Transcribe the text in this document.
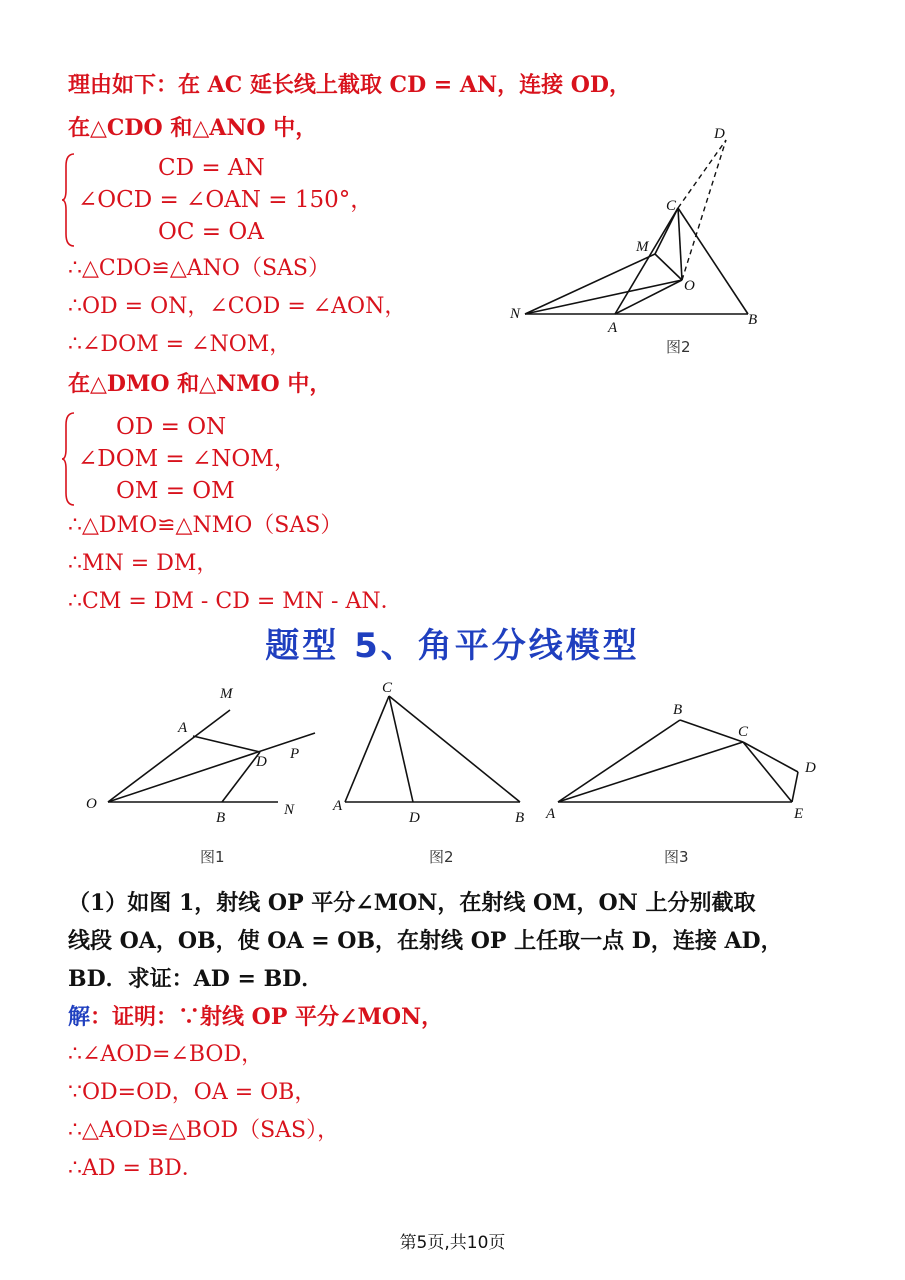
理由如下：在 AC 延长线上截取 CD = AN，连接 OD，
在△CDO 和△ANO 中，
CD = AN
∠OCD = ∠OAN = 150°，
OC = OA
∴△CDO≌△ANO（SAS）
∴OD = ON，∠COD = ∠AON，
∴∠DOM = ∠NOM，
在△DMO 和△NMO 中，
OD = ON
∠DOM = ∠NOM，
OM = OM
∴△DMO≌△NMO（SAS）
∴MN = DM，
∴CM = DM - CD = MN - AN．
D
C
M
O
N
A	B
图2
题型 5、角平分线模型
M
A
D P
O
B	N
图1
C
A
D	B
图2
B
C
D
A	E
图3
（1）如图 1，射线 OP 平分∠MON，在射线 OM，ON 上分别截取
线段 OA，OB，使 OA = OB，在射线 OP 上任取一点 D，连接 AD，
BD．求证：AD = BD．
解：证明：∵射线 OP 平分∠MON，
∴∠AOD=∠BOD，
∵OD=OD，OA = OB，
∴△AOD≌△BOD（SAS），
∴AD = BD．
第5页,共10页
